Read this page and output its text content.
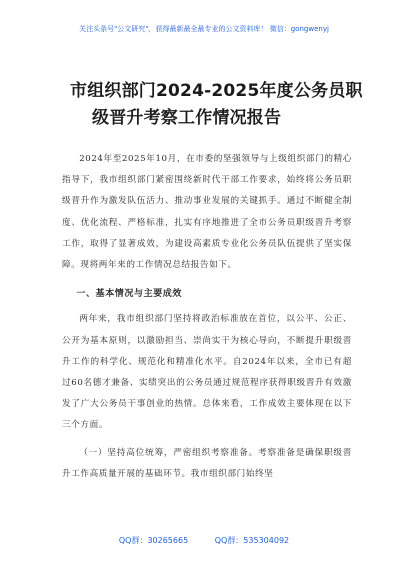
关注头条号"公文研究"，获得最新最全最专业的公文资料库！ 微信：gongwenyj
市组织部门2024-2025年度公务员职
级晋升考察工作情况报告

2024年至2025年10月，在市委的坚强领导与上级组织部门的精心指导下，我市组织部门紧密围绕新时代干部工作要求，始终将公务员职级晋升作为激发队伍活力、推动事业发展的关键抓手。通过不断健全制度、优化流程、严格标准，扎实有序地推进了全市公务员职级晋升考察工作，取得了显著成效，为建设高素质专业化公务员队伍提供了坚实保障。现将两年来的工作情况总结报告如下。

一、基本情况与主要成效

两年来，我市组织部门坚持将政治标准放在首位，以公平、公正、公开为基本原则，以激励担当、崇尚实干为核心导向，不断提升职级晋升工作的科学化、规范化和精准化水平。自2024年以来，全市已有超过60名德才兼备、实绩突出的公务员通过规范程序获得职级晋升有效激发了广大公务员干事创业的热情。总体来看，工作成效主要体现在以下三个方面。

（一）坚持高位统筹，严密组织考察准备。考察准备是确保职级晋升工作高质量开展的基础环节。我市组织部门始终坚

QQ群：30265665	QQ群：535304092
